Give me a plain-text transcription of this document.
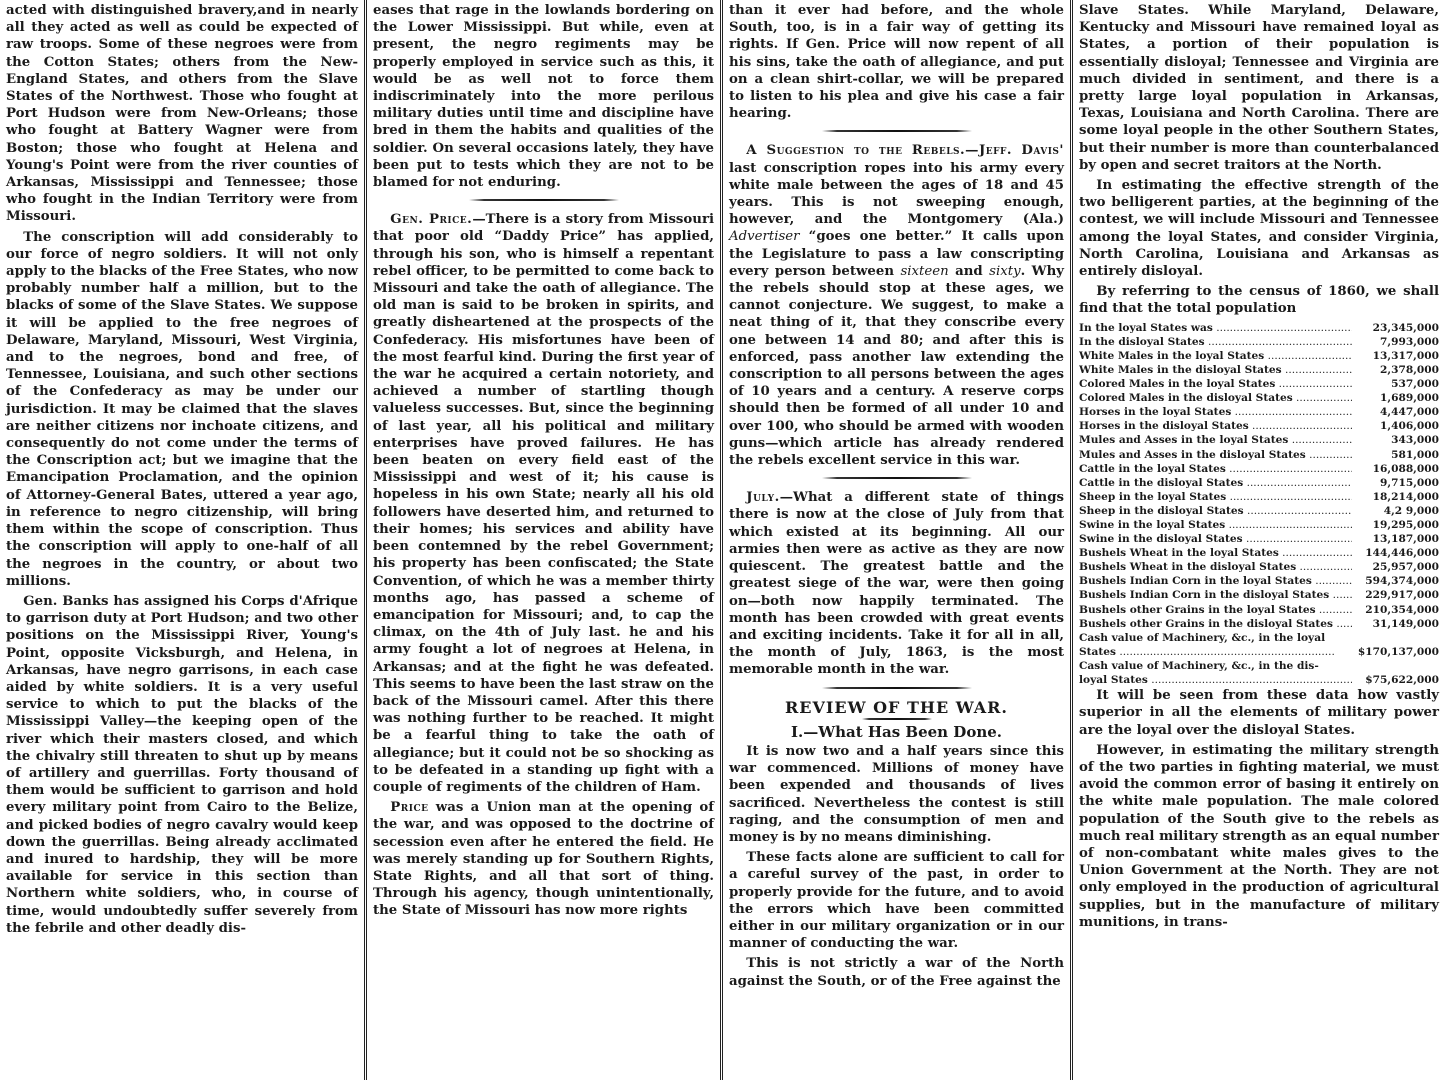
acted with distinguished bravery,and in nearly all they acted as well as could be expected of raw troops. Some of these negroes were from the Cotton States; others from the New-England States, and others from the Slave States of the Northwest. Those who fought at Port Hudson were from New-Orleans; those who fought at Battery Wagner were from Boston; those who fought at Helena and Young's Point were from the river counties of Arkansas, Mississippi and Tennessee; those who fought in the Indian Territory were from Missouri.

The conscription will add considerably to our force of negro soldiers. It will not only apply to the blacks of the Free States, who now probably number half a million, but to the blacks of some of the Slave States. We suppose it will be applied to the free negroes of Delaware, Maryland, Missouri, West Virginia, and to the negroes, bond and free, of Tennessee, Louisiana, and such other sections of the Confederacy as may be under our jurisdiction. It may be claimed that the slaves are neither citizens nor inchoate citizens, and consequently do not come under the terms of the Conscription act; but we imagine that the Emancipation Proclamation, and the opinion of Attorney-General Bates, uttered a year ago, in reference to negro citizenship, will bring them within the scope of conscription. Thus the conscription will apply to one-half of all the negroes in the country, or about two millions.

Gen. Banks has assigned his Corps d'Afrique to garrison duty at Port Hudson; and two other positions on the Mississippi River, Young's Point, opposite Vicksburgh, and Helena, in Arkansas, have negro garrisons, in each case aided by white soldiers. It is a very useful service to which to put the blacks of the Mississippi Valley—the keeping open of the river which their masters closed, and which the chivalry still threaten to shut up by means of artillery and guerrillas. Forty thousand of them would be sufficient to garrison and hold every military point from Cairo to the Belize, and picked bodies of negro cavalry would keep down the guerrillas. Being already acclimated and inured to hardship, they will be more available for service in this section than Northern white soldiers, who, in course of time, would undoubtedly suffer severely from the febrile and other deadly dis-

eases that rage in the lowlands bordering on the Lower Mississippi. But while, even at present, the negro regiments may be properly employed in service such as this, it would be as well not to force them indiscriminately into the more perilous military duties until time and discipline have bred in them the habits and qualities of the soldier. On several occasions lately, they have been put to tests which they are not to be blamed for not enduring.

Gen. Price.—There is a story from Missouri that poor old “Daddy Price” has applied, through his son, who is himself a repentant rebel officer, to be permitted to come back to Missouri and take the oath of allegiance. The old man is said to be broken in spirits, and greatly disheartened at the prospects of the Confederacy. His misfortunes have been of the most fearful kind. During the first year of the war he acquired a certain notoriety, and achieved a number of startling though valueless successes. But, since the beginning of last year, all his political and military enterprises have proved failures. He has been beaten on every field east of the Mississippi and west of it; his cause is hopeless in his own State; nearly all his old followers have deserted him, and returned to their homes; his services and ability have been contemned by the rebel Government; his property has been confiscated; the State Convention, of which he was a member thirty months ago, has passed a scheme of emancipation for Missouri; and, to cap the climax, on the 4th of July last. he and his army fought a lot of negroes at Helena, in Arkansas; and at the fight he was defeated. This seems to have been the last straw on the back of the Missouri camel. After this there was nothing further to be reached. It might be a fearful thing to take the oath of allegiance; but it could not be so shocking as to be defeated in a standing up fight with a couple of regiments of the children of Ham.

Price was a Union man at the opening of the war, and was opposed to the doctrine of secession even after he entered the field. He was merely standing up for Southern Rights, State Rights, and all that sort of thing. Through his agency, though unintentionally, the State of Missouri has now more rights

than it ever had before, and the whole South, too, is in a fair way of getting its rights. If Gen. Price will now repent of all his sins, take the oath of allegiance, and put on a clean shirt-collar, we will be prepared to listen to his plea and give his case a fair hearing.

A Suggestion to the Rebels.—Jeff. Davis' last conscription ropes into his army every white male between the ages of 18 and 45 years. This is not sweeping enough, however, and the Montgomery (Ala.) Advertiser “goes one better.” It calls upon the Legislature to pass a law conscripting every person between sixteen and sixty. Why the rebels should stop at these ages, we cannot conjecture. We suggest, to make a neat thing of it, that they conscribe every one between 14 and 80; and after this is enforced, pass another law extending the conscription to all persons between the ages of 10 years and a century. A reserve corps should then be formed of all under 10 and over 100, who should be armed with wooden guns—which article has already rendered the rebels excellent service in this war.

July.—What a different state of things there is now at the close of July from that which existed at its beginning. All our armies then were as active as they are now quiescent. The greatest battle and the greatest siege of the war, were then going on—both now happily terminated. The month has been crowded with great events and exciting incidents. Take it for all in all, the month of July, 1863, is the most memorable month in the war.

REVIEW OF THE WAR.
I.—What Has Been Done.

It is now two and a half years since this war commenced. Millions of money have been expended and thousands of lives sacrificed. Nevertheless the contest is still raging, and the consumption of men and money is by no means diminishing.

These facts alone are sufficient to call for a careful survey of the past, in order to properly provide for the future, and to avoid the errors which have been committed either in our military organization or in our manner of conducting the war.

This is not strictly a war of the North against the South, or of the Free against the

Slave States. While Maryland, Delaware, Kentucky and Missouri have remained loyal as States, a portion of their population is essentially disloyal; Tennessee and Virginia are much divided in sentiment, and there is a pretty large loyal population in Arkansas, Texas, Louisiana and North Carolina. There are some loyal people in the other Southern States, but their number is more than counterbalanced by open and secret traitors at the North.

In estimating the effective strength of the two belligerent parties, at the beginning of the contest, we will include Missouri and Tennessee among the loyal States, and consider Virginia, North Carolina, Louisiana and Arkansas as entirely disloyal.

By referring to the census of 1860, we shall find that the total population

In the loyal States was .....	23,345,000
In the disloyal States .....	7,993,000
White Males in the loyal States .....	13,317,000
White Males in the disloyal States .....	2,378,000
Colored Males in the loyal States .....	537,000
Colored Males in the disloyal States .....	1,689,000
Horses in the loyal States .....	4,447,000
Horses in the disloyal States .....	1,406,000
Mules and Asses in the loyal States .....	343,000
Mules and Asses in the disloyal States .....	581,000
Cattle in the loyal States .....	16,088,000
Cattle in the disloyal States .....	9,715,000
Sheep in the loyal States .....	18,214,000
Sheep in the disloyal States .....	4,2 9,000
Swine in the loyal States .....	19,295,000
Swine in the disloyal States .....	13,187,000
Bushels Wheat in the loyal States .....	144,446,000
Bushels Wheat in the disloyal States .....	25,957,000
Bushels Indian Corn in the loyal States .....	594,374,000
Bushels Indian Corn in the disloyal States .....	229,917,000
Bushels other Grains in the loyal States .....	210,354,000
Bushels other Grains in the disloyal States .....	31,149,000
Cash value of Machinery, &c., in the loyal	
States .....	$170,137,000
Cash value of Machinery, &c., in the dis-	
loyal States .....	$75,622,000

It will be seen from these data how vastly superior in all the elements of military power are the loyal over the disloyal States.

However, in estimating the military strength of the two parties in fighting material, we must avoid the common error of basing it entirely on the white male population. The male colored population of the South give to the rebels as much real military strength as an equal number of non-combatant white males gives to the Union Government at the North. They are not only employed in the production of agricultural supplies, but in the manufacture of military munitions, in trans-
